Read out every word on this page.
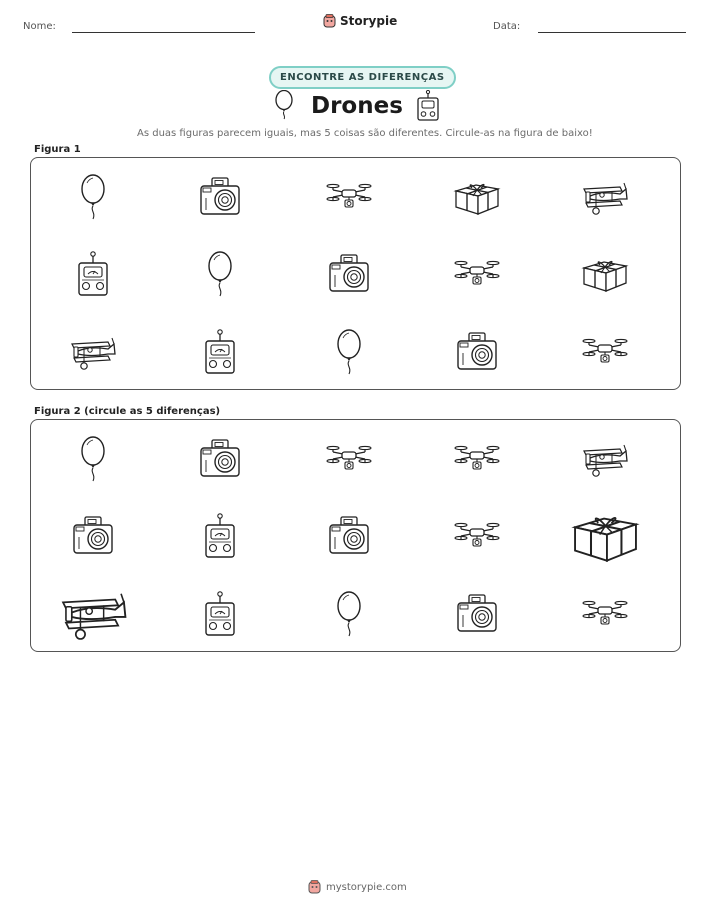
Nome:	Storypie	Data:
ENCONTRE AS DIFERENÇAS
Drones
As duas figuras parecem iguais, mas 5 coisas são diferentes. Circule-as na figura de baixo!
Figura 1
Figura 2 (circule as 5 diferenças)
mystorypie.com
